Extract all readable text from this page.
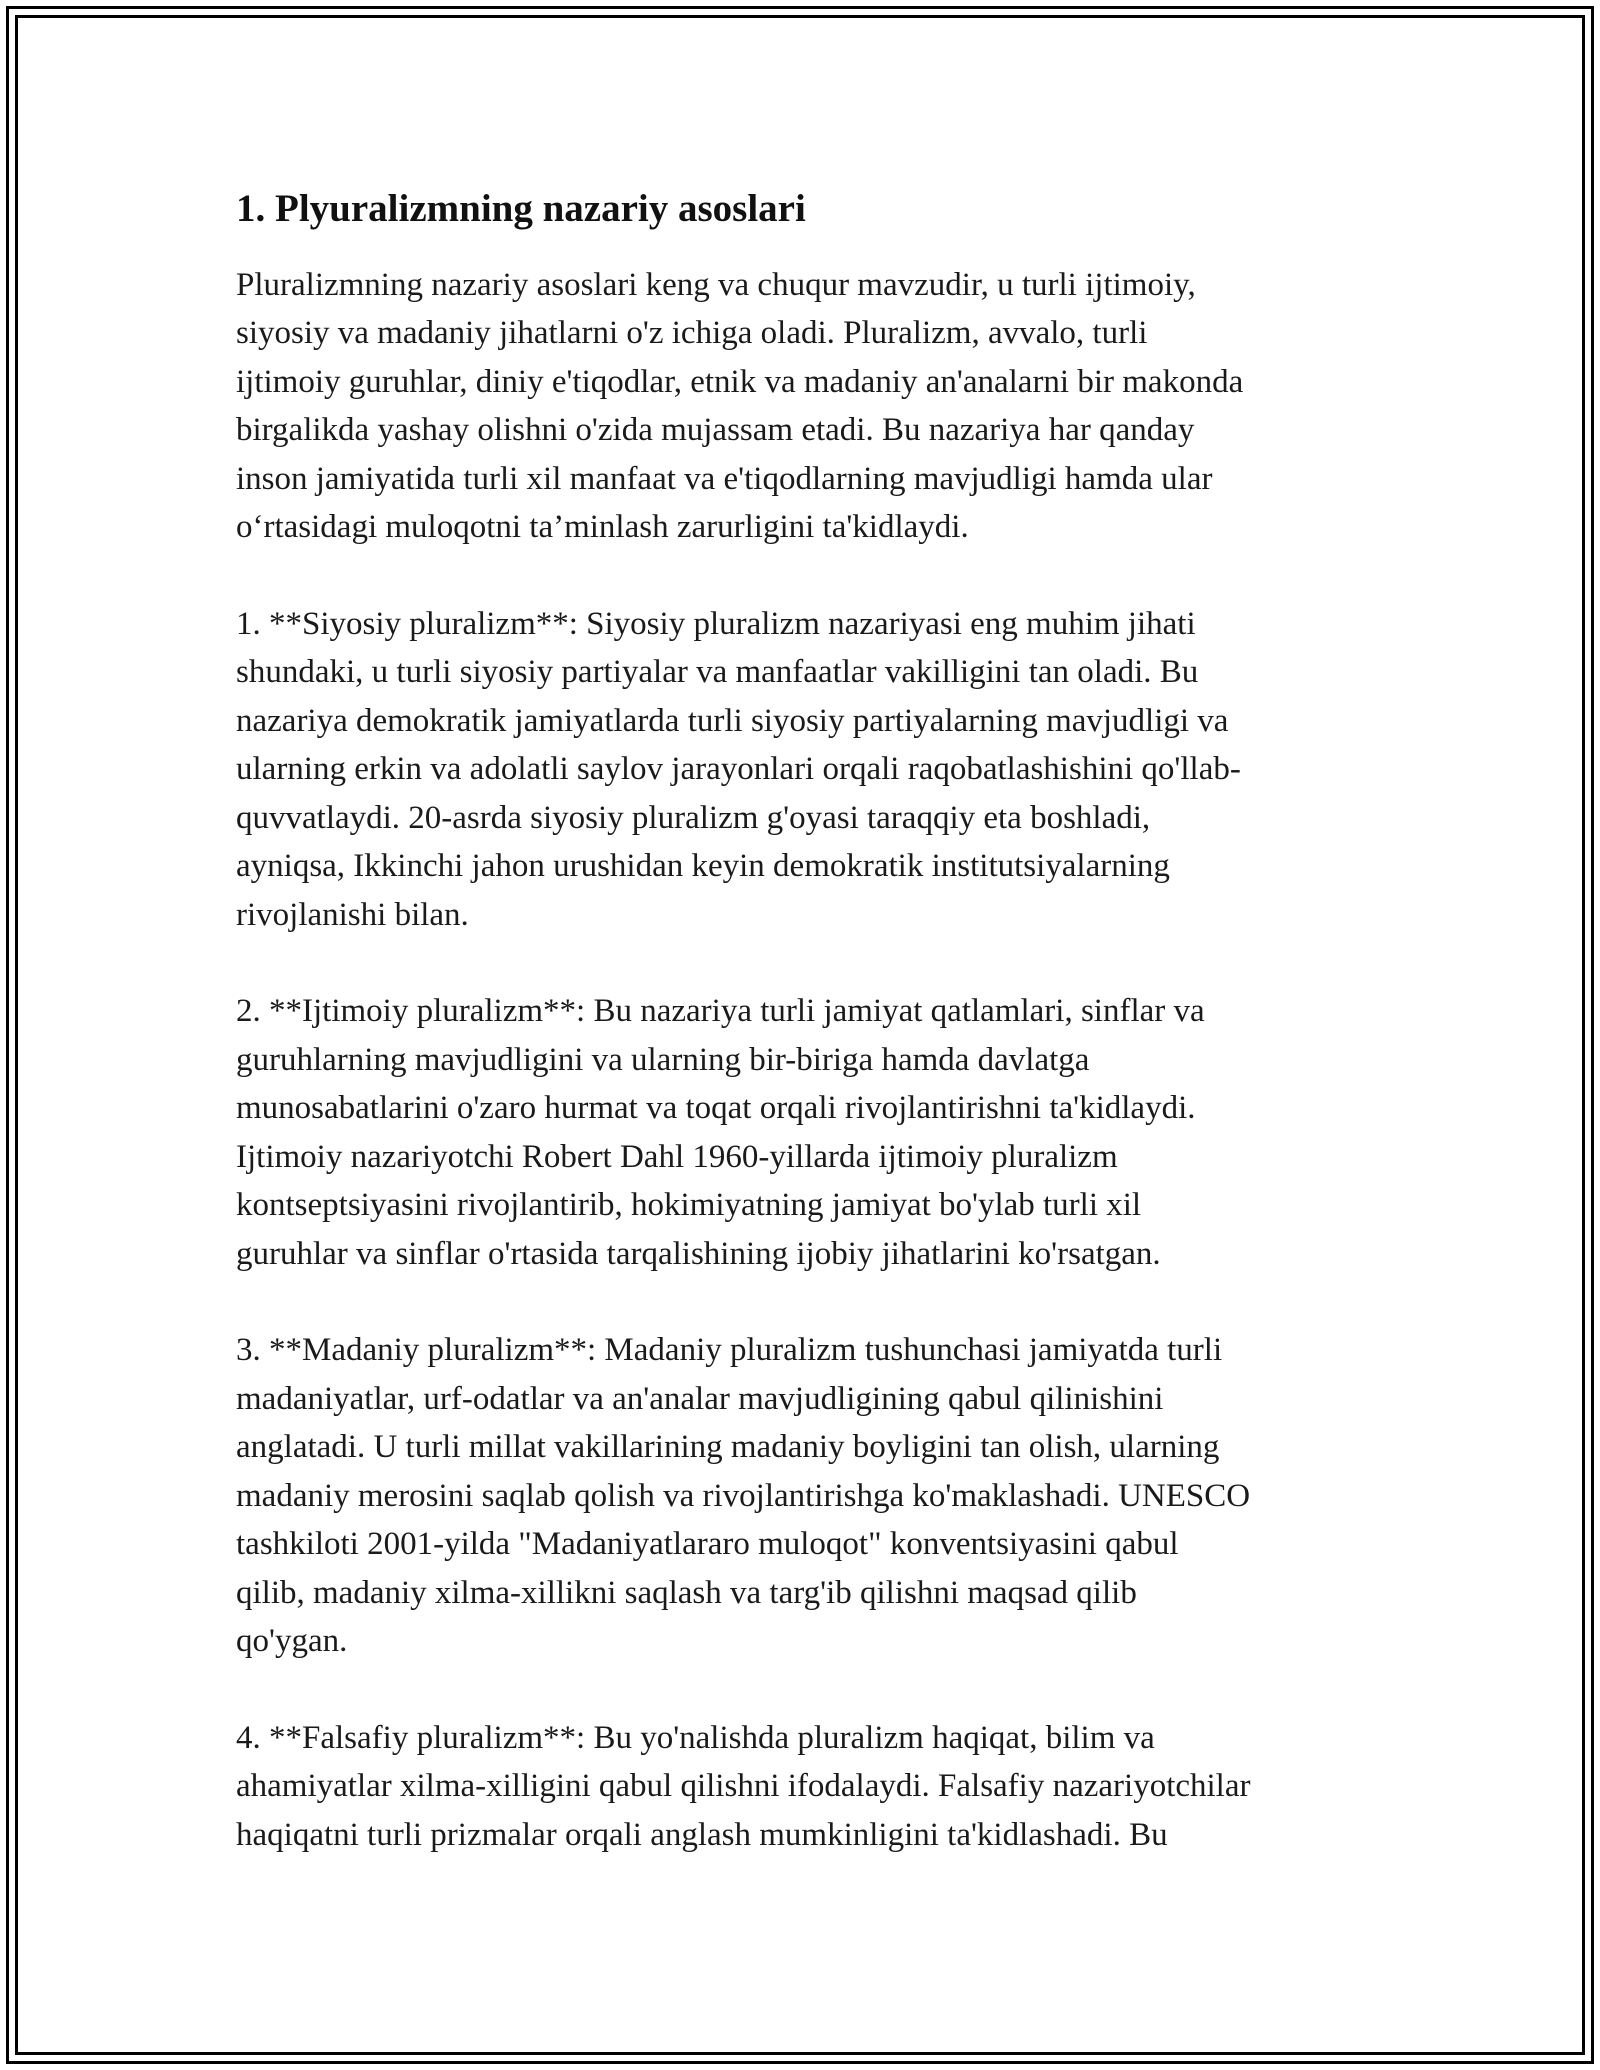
1. Plyuralizmning nazariy asoslari

Pluralizmning nazariy asoslari keng va chuqur mavzudir, u turli ijtimoiy,
siyosiy va madaniy jihatlarni o'z ichiga oladi. Pluralizm, avvalo, turli
ijtimoiy guruhlar, diniy e'tiqodlar, etnik va madaniy an'analarni bir makonda
birgalikda yashay olishni o'zida mujassam etadi. Bu nazariya har qanday
inson jamiyatida turli xil manfaat va e'tiqodlarning mavjudligi hamda ular
o‘rtasidagi muloqotni ta’minlash zarurligini ta'kidlaydi.

1. **Siyosiy pluralizm**: Siyosiy pluralizm nazariyasi eng muhim jihati
shundaki, u turli siyosiy partiyalar va manfaatlar vakilligini tan oladi. Bu
nazariya demokratik jamiyatlarda turli siyosiy partiyalarning mavjudligi va
ularning erkin va adolatli saylov jarayonlari orqali raqobatlashishini qo'llab-
quvvatlaydi. 20-asrda siyosiy pluralizm g'oyasi taraqqiy eta boshladi,
ayniqsa, Ikkinchi jahon urushidan keyin demokratik institutsiyalarning
rivojlanishi bilan.

2. **Ijtimoiy pluralizm**: Bu nazariya turli jamiyat qatlamlari, sinflar va
guruhlarning mavjudligini va ularning bir-biriga hamda davlatga
munosabatlarini o'zaro hurmat va toqat orqali rivojlantirishni ta'kidlaydi.
Ijtimoiy nazariyotchi Robert Dahl 1960-yillarda ijtimoiy pluralizm
kontseptsiyasini rivojlantirib, hokimiyatning jamiyat bo'ylab turli xil
guruhlar va sinflar o'rtasida tarqalishining ijobiy jihatlarini ko'rsatgan.

3. **Madaniy pluralizm**: Madaniy pluralizm tushunchasi jamiyatda turli
madaniyatlar, urf-odatlar va an'analar mavjudligining qabul qilinishini
anglatadi. U turli millat vakillarining madaniy boyligini tan olish, ularning
madaniy merosini saqlab qolish va rivojlantirishga ko'maklashadi. UNESCO
tashkiloti 2001-yilda "Madaniyatlararo muloqot" konventsiyasini qabul
qilib, madaniy xilma-xillikni saqlash va targ'ib qilishni maqsad qilib
qo'ygan.

4. **Falsafiy pluralizm**: Bu yo'nalishda pluralizm haqiqat, bilim va
ahamiyatlar xilma-xilligini qabul qilishni ifodalaydi. Falsafiy nazariyotchilar
haqiqatni turli prizmalar orqali anglash mumkinligini ta'kidlashadi. Bu
